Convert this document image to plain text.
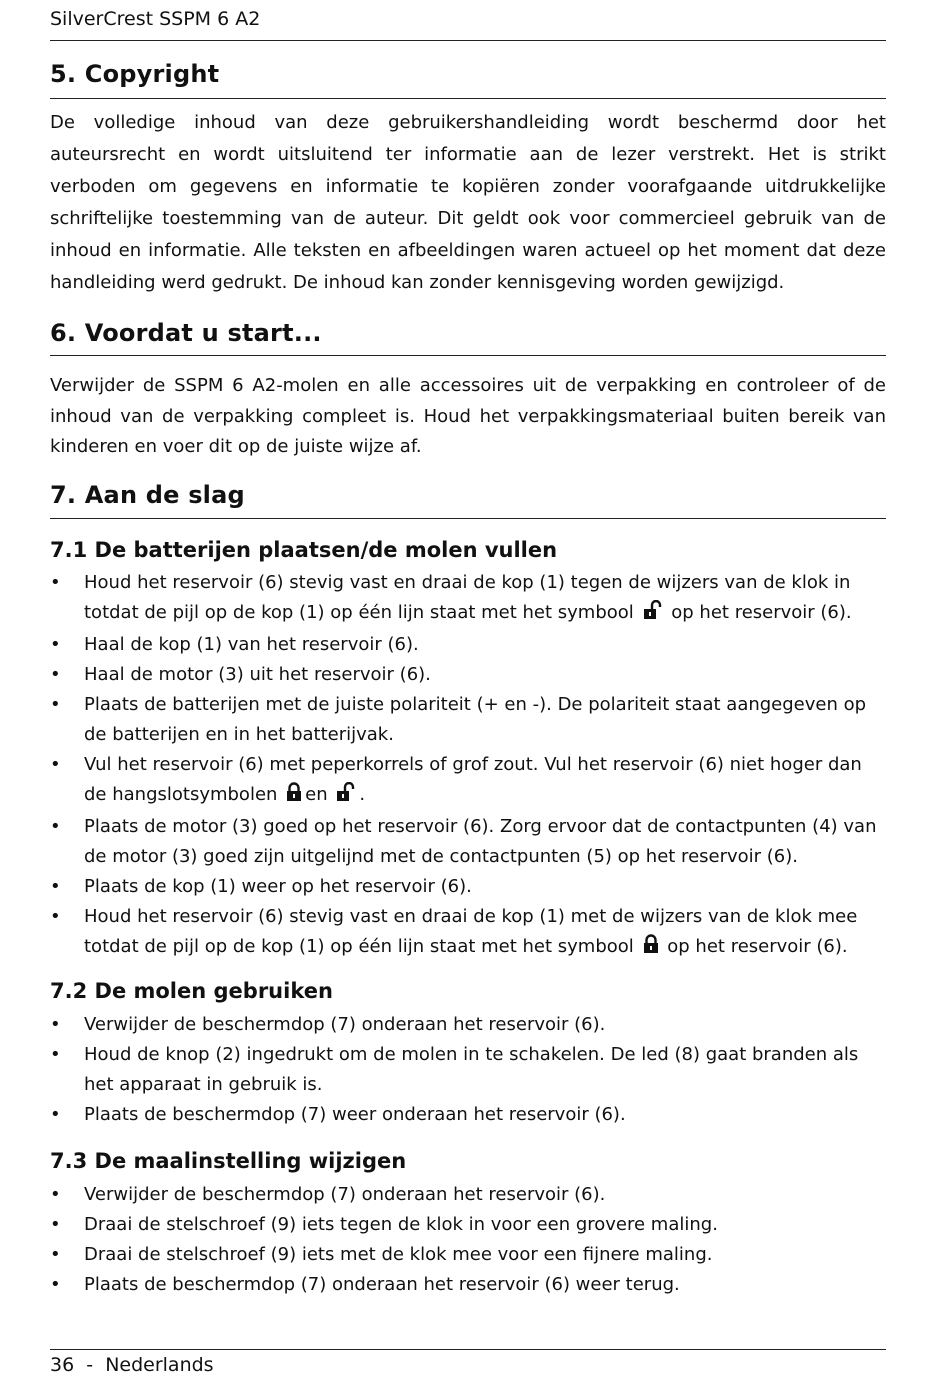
SilverCrest SSPM 6 A2
5. Copyright

De volledige inhoud van deze gebruikershandleiding wordt beschermd door het auteursrecht en wordt uitsluitend ter informatie aan de lezer verstrekt. Het is strikt verboden om gegevens en informatie te kopiëren zonder voorafgaande uitdrukkelijke schriftelijke toestemming van de auteur. Dit geldt ook voor commercieel gebruik van de inhoud en informatie. Alle teksten en afbeeldingen waren actueel op het moment dat deze handleiding werd gedrukt. De inhoud kan zonder kennisgeving worden gewijzigd.

6. Voordat u start...

Verwijder de SSPM 6 A2-molen en alle accessoires uit de verpakking en controleer of de inhoud van de verpakking compleet is. Houd het verpakkingsmateriaal buiten bereik van kinderen en voer dit op de juiste wijze af.

7. Aan de slag
7.1 De batterijen plaatsen/de molen vullen
• Houd het reservoir (6) stevig vast en draai de kop (1) tegen de wijzers van de klok in totdat de pijl op de kop (1) op één lijn staat met het symbool op het reservoir (6).
• Haal de kop (1) van het reservoir (6).
• Haal de motor (3) uit het reservoir (6).
• Plaats de batterijen met de juiste polariteit (+ en -). De polariteit staat aangegeven op de batterijen en in het batterijvak.
• Vul het reservoir (6) met peperkorrels of grof zout. Vul het reservoir (6) niet hoger dan de hangslotsymbolen en .
• Plaats de motor (3) goed op het reservoir (6). Zorg ervoor dat de contactpunten (4) van de motor (3) goed zijn uitgelijnd met de contactpunten (5) op het reservoir (6).
• Plaats de kop (1) weer op het reservoir (6).
• Houd het reservoir (6) stevig vast en draai de kop (1) met de wijzers van de klok mee totdat de pijl op de kop (1) op één lijn staat met het symbool op het reservoir (6).
7.2 De molen gebruiken
• Verwijder de beschermdop (7) onderaan het reservoir (6).
• Houd de knop (2) ingedrukt om de molen in te schakelen. De led (8) gaat branden als het apparaat in gebruik is.
• Plaats de beschermdop (7) weer onderaan het reservoir (6).
7.3 De maalinstelling wijzigen
• Verwijder de beschermdop (7) onderaan het reservoir (6).
• Draai de stelschroef (9) iets tegen de klok in voor een grovere maling.
• Draai de stelschroef (9) iets met de klok mee voor een fijnere maling.
• Plaats de beschermdop (7) onderaan het reservoir (6) weer terug.
36  -  Nederlands
